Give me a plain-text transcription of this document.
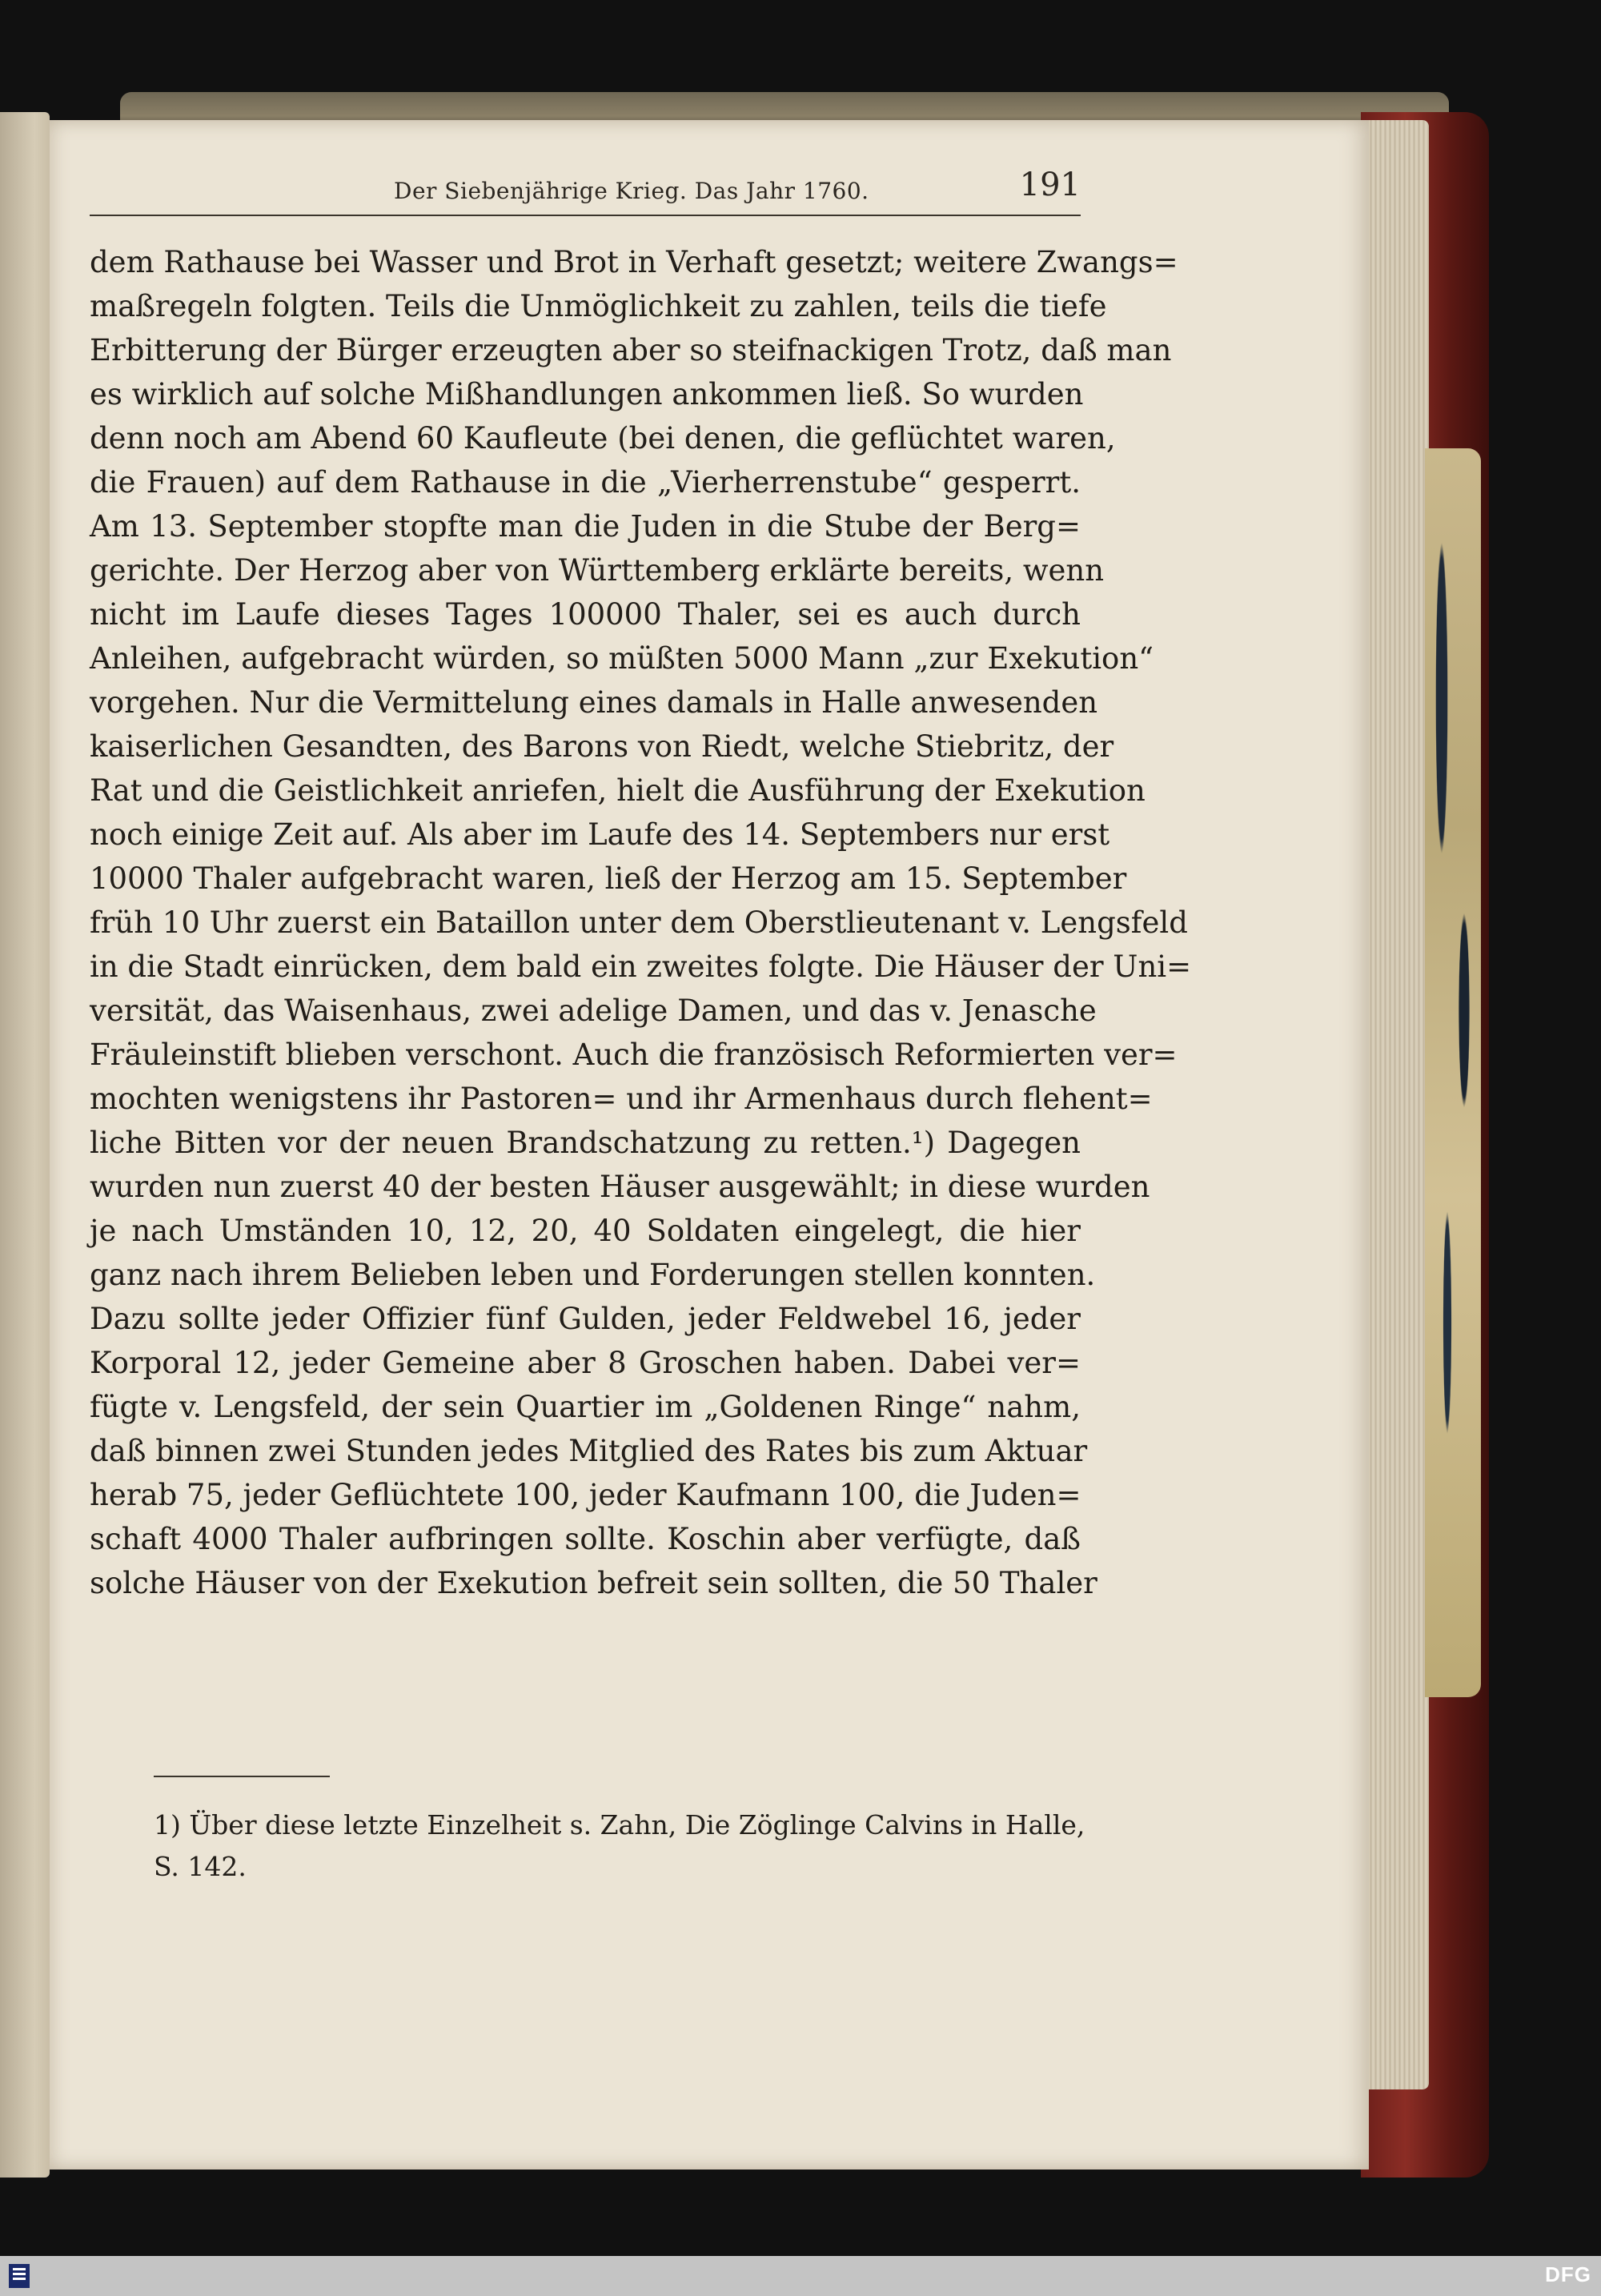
Der Siebenjährige Krieg. Das Jahr 1760.	191
dem Rathause bei Wasser und Brot in Verhaft gesetzt; weitere Zwangs=
maßregeln folgten. Teils die Unmöglichkeit zu zahlen, teils die tiefe
Erbitterung der Bürger erzeugten aber so steifnackigen Trotz, daß man
es wirklich auf solche Mißhandlungen ankommen ließ. So wurden
denn noch am Abend 60 Kaufleute (bei denen, die geflüchtet waren,
die Frauen) auf dem Rathause in die „Vierherrenstube“ gesperrt.
Am 13. September stopfte man die Juden in die Stube der Berg=
gerichte. Der Herzog aber von Württemberg erklärte bereits, wenn
nicht im Laufe dieses Tages 100000 Thaler, sei es auch durch
Anleihen, aufgebracht würden, so müßten 5000 Mann „zur Exekution“
vorgehen. Nur die Vermittelung eines damals in Halle anwesenden
kaiserlichen Gesandten, des Barons von Riedt, welche Stiebritz, der
Rat und die Geistlichkeit anriefen, hielt die Ausführung der Exekution
noch einige Zeit auf. Als aber im Laufe des 14. Septembers nur erst
10000 Thaler aufgebracht waren, ließ der Herzog am 15. September
früh 10 Uhr zuerst ein Bataillon unter dem Oberstlieutenant v. Lengsfeld
in die Stadt einrücken, dem bald ein zweites folgte. Die Häuser der Uni=
versität, das Waisenhaus, zwei adelige Damen, und das v. Jenasche
Fräuleinstift blieben verschont. Auch die französisch Reformierten ver=
mochten wenigstens ihr Pastoren= und ihr Armenhaus durch flehent=
liche Bitten vor der neuen Brandschatzung zu retten.¹) Dagegen
wurden nun zuerst 40 der besten Häuser ausgewählt; in diese wurden
je nach Umständen 10, 12, 20, 40 Soldaten eingelegt, die hier
ganz nach ihrem Belieben leben und Forderungen stellen konnten.
Dazu sollte jeder Offizier fünf Gulden, jeder Feldwebel 16, jeder
Korporal 12, jeder Gemeine aber 8 Groschen haben. Dabei ver=
fügte v. Lengsfeld, der sein Quartier im „Goldenen Ringe“ nahm,
daß binnen zwei Stunden jedes Mitglied des Rates bis zum Aktuar
herab 75, jeder Geflüchtete 100, jeder Kaufmann 100, die Juden=
schaft 4000 Thaler aufbringen sollte. Koschin aber verfügte, daß
solche Häuser von der Exekution befreit sein sollten, die 50 Thaler
1) Über diese letzte Einzelheit s. Zahn, Die Zöglinge Calvins in Halle,
S. 142.
DFG
